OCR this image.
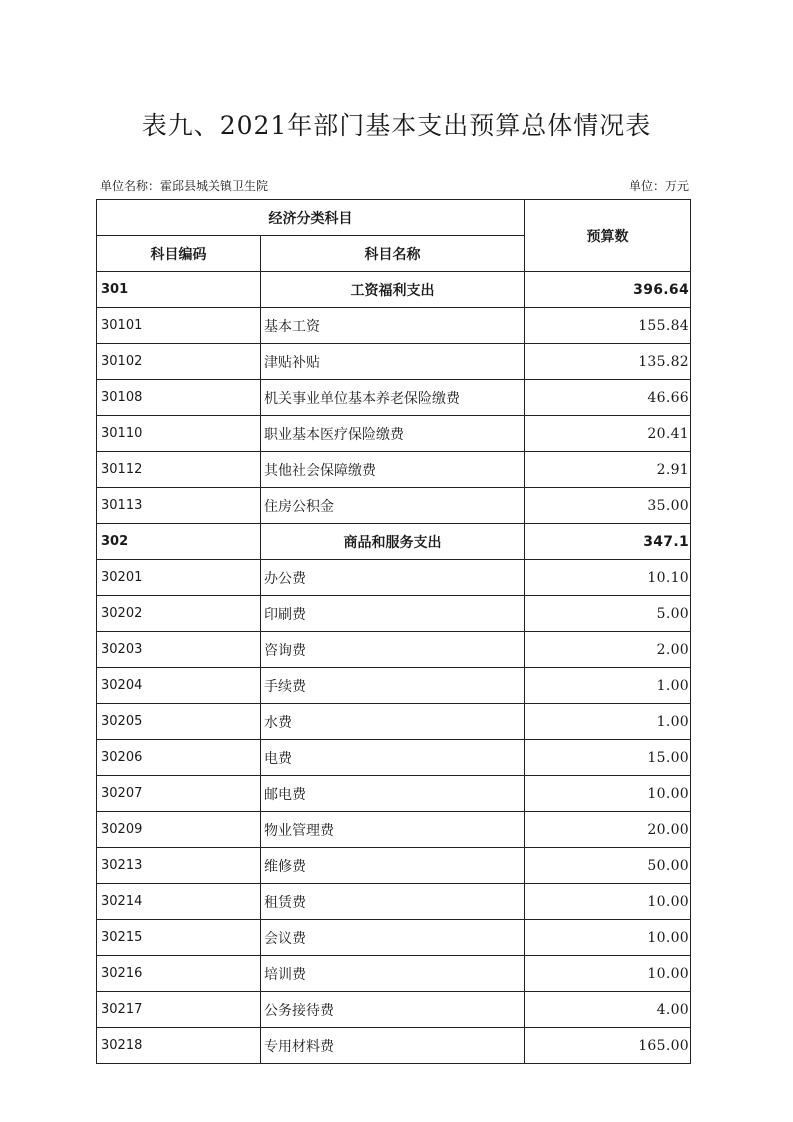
表九、2021年部门基本支出预算总体情况表
单位名称：霍邱县城关镇卫生院	单位：万元
经济分类科目		预算数
科目编码	科目名称	
301	工资福利支出	396.64
30101	基本工资	155.84
30102	津贴补贴	135.82
30108	机关事业单位基本养老保险缴费	46.66
30110	职业基本医疗保险缴费	20.41
30112	其他社会保障缴费	2.91
30113	住房公积金	35.00
302	商品和服务支出	347.1
30201	办公费	10.10
30202	印刷费	5.00
30203	咨询费	2.00
30204	手续费	1.00
30205	水费	1.00
30206	电费	15.00
30207	邮电费	10.00
30209	物业管理费	20.00
30213	维修费	50.00
30214	租赁费	10.00
30215	会议费	10.00
30216	培训费	10.00
30217	公务接待费	4.00
30218	专用材料费	165.00
